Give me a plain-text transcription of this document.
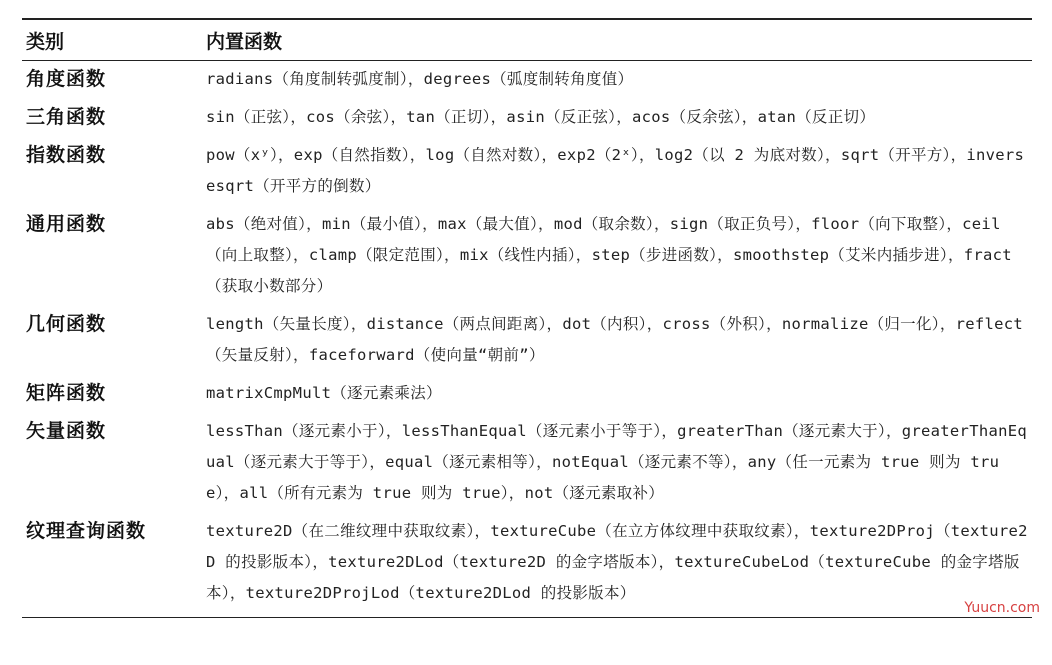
类别	内置函数
角度函数	radians（角度制转弧度制），degrees（弧度制转角度值）
三角函数	sin（正弦），cos（余弦），tan（正切），asin（反正弦），acos（反余弦），atan（反正切）
指数函数	pow（xʸ），exp（自然指数），log（自然对数），exp2（2ˣ），log2（以 2 为底对数），sqrt（开平方），inversesqrt（开平方的倒数）
通用函数	abs（绝对值），min（最小值），max（最大值），mod（取余数），sign（取正负号），floor（向下取整），ceil（向上取整），clamp（限定范围），mix（线性内插），step（步进函数），smoothstep（艾米内插步进），fract（获取小数部分）
几何函数	length（矢量长度），distance（两点间距离），dot（内积），cross（外积），normalize（归一化），reflect（矢量反射），faceforward（使向量“朝前”）
矩阵函数	matrixCmpMult（逐元素乘法）
矢量函数	lessThan（逐元素小于），lessThanEqual（逐元素小于等于），greaterThan（逐元素大于），greaterThanEqual（逐元素大于等于），equal（逐元素相等），notEqual（逐元素不等），any（任一元素为 true 则为 true），all（所有元素为 true 则为 true），not（逐元素取补）
纹理查询函数	texture2D（在二维纹理中获取纹素），textureCube（在立方体纹理中获取纹素），texture2DProj（texture2D 的投影版本），texture2DLod（texture2D 的金字塔版本），textureCubeLod（textureCube 的金字塔版本），texture2DProjLod（texture2DLod 的投影版本）
Yuucn.com
